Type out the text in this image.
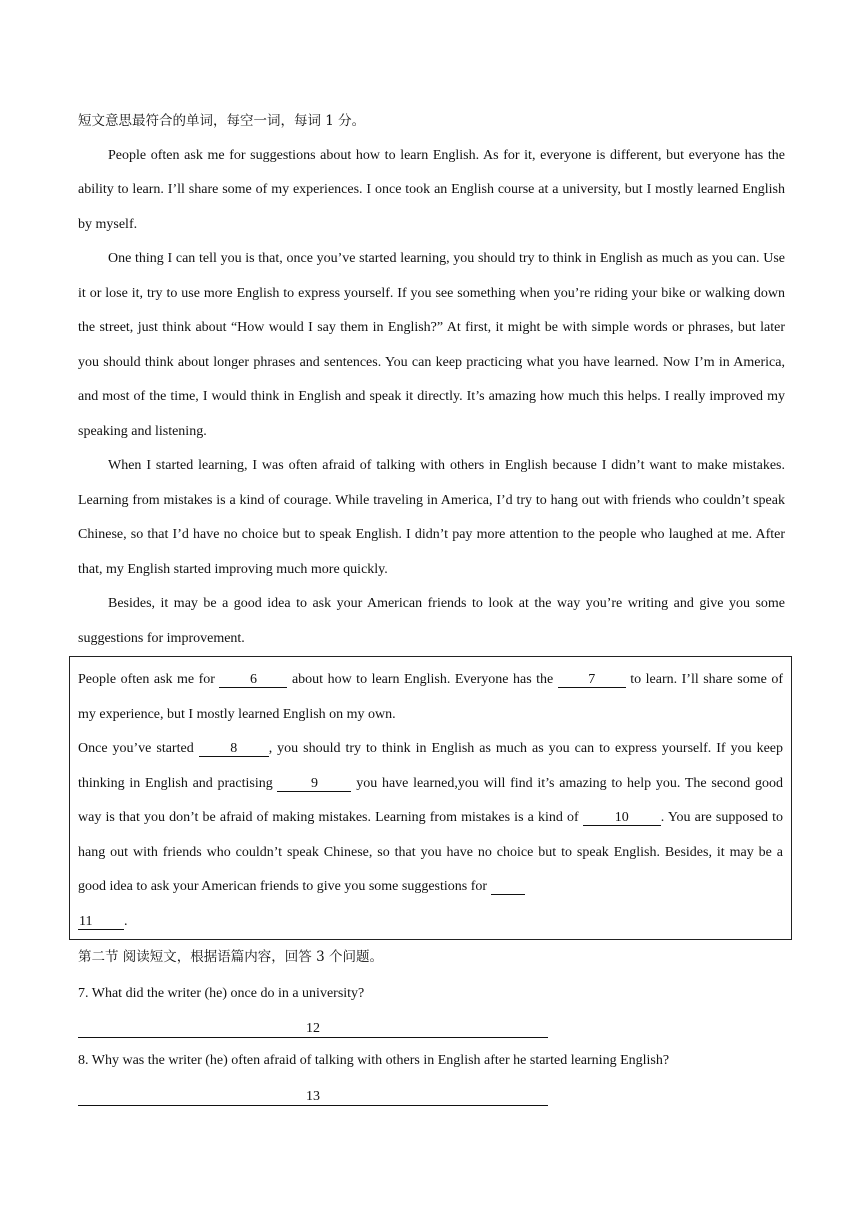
短文意思最符合的单词，每空一词，每词 1 分。

People often ask me for suggestions about how to learn English. As for it, everyone is different, but everyone has the ability to learn. I’ll share some of my experiences. I once took an English course at a university, but I mostly learned English by myself.

One thing I can tell you is that, once you’ve started learning, you should try to think in English as much as you can. Use it or lose it, try to use more English to express yourself. If you see something when you’re riding your bike or walking down the street, just think about “How would I say them in English?” At first, it might be with simple words or phrases, but later you should think about longer phrases and sentences. You can keep practicing what you have learned. Now I’m in America, and most of the time, I would think in English and speak it directly. It’s amazing how much this helps. I really improved my speaking and listening.

When I started learning, I was often afraid of talking with others in English because I didn’t want to make mistakes. Learning from mistakes is a kind of courage. While traveling in America, I’d try to hang out with friends who couldn’t speak Chinese, so that I’d have no choice but to speak English. I didn’t pay more attention to the people who laughed at me. After that, my English started improving much more quickly.

Besides, it may be a good idea to ask your American friends to look at the way you’re writing and give you some suggestions for improvement.

People often ask me for 6 about how to learn English. Everyone has the 7 to learn. I’ll share some of my experience, but I mostly learned English on my own.

Once you’ve started 8 , you should try to think in English as much as you can to express yourself. If you keep thinking in English and practising 9 you have learned,you will find it’s amazing to help you. The second good way is that you don’t be afraid of making mistakes. Learning from mistakes is a kind of 10 . You are supposed to hang out with friends who couldn’t speak Chinese, so that you have no choice but to speak English. Besides, it may be a good idea to ask your American friends to give you some suggestions for
11 .

第二节 阅读短文，根据语篇内容，回答 3 个问题。

7. What did the writer (he) once do in a university?

12

8. Why was the writer (he) often afraid of talking with others in English after he started learning English?

13
